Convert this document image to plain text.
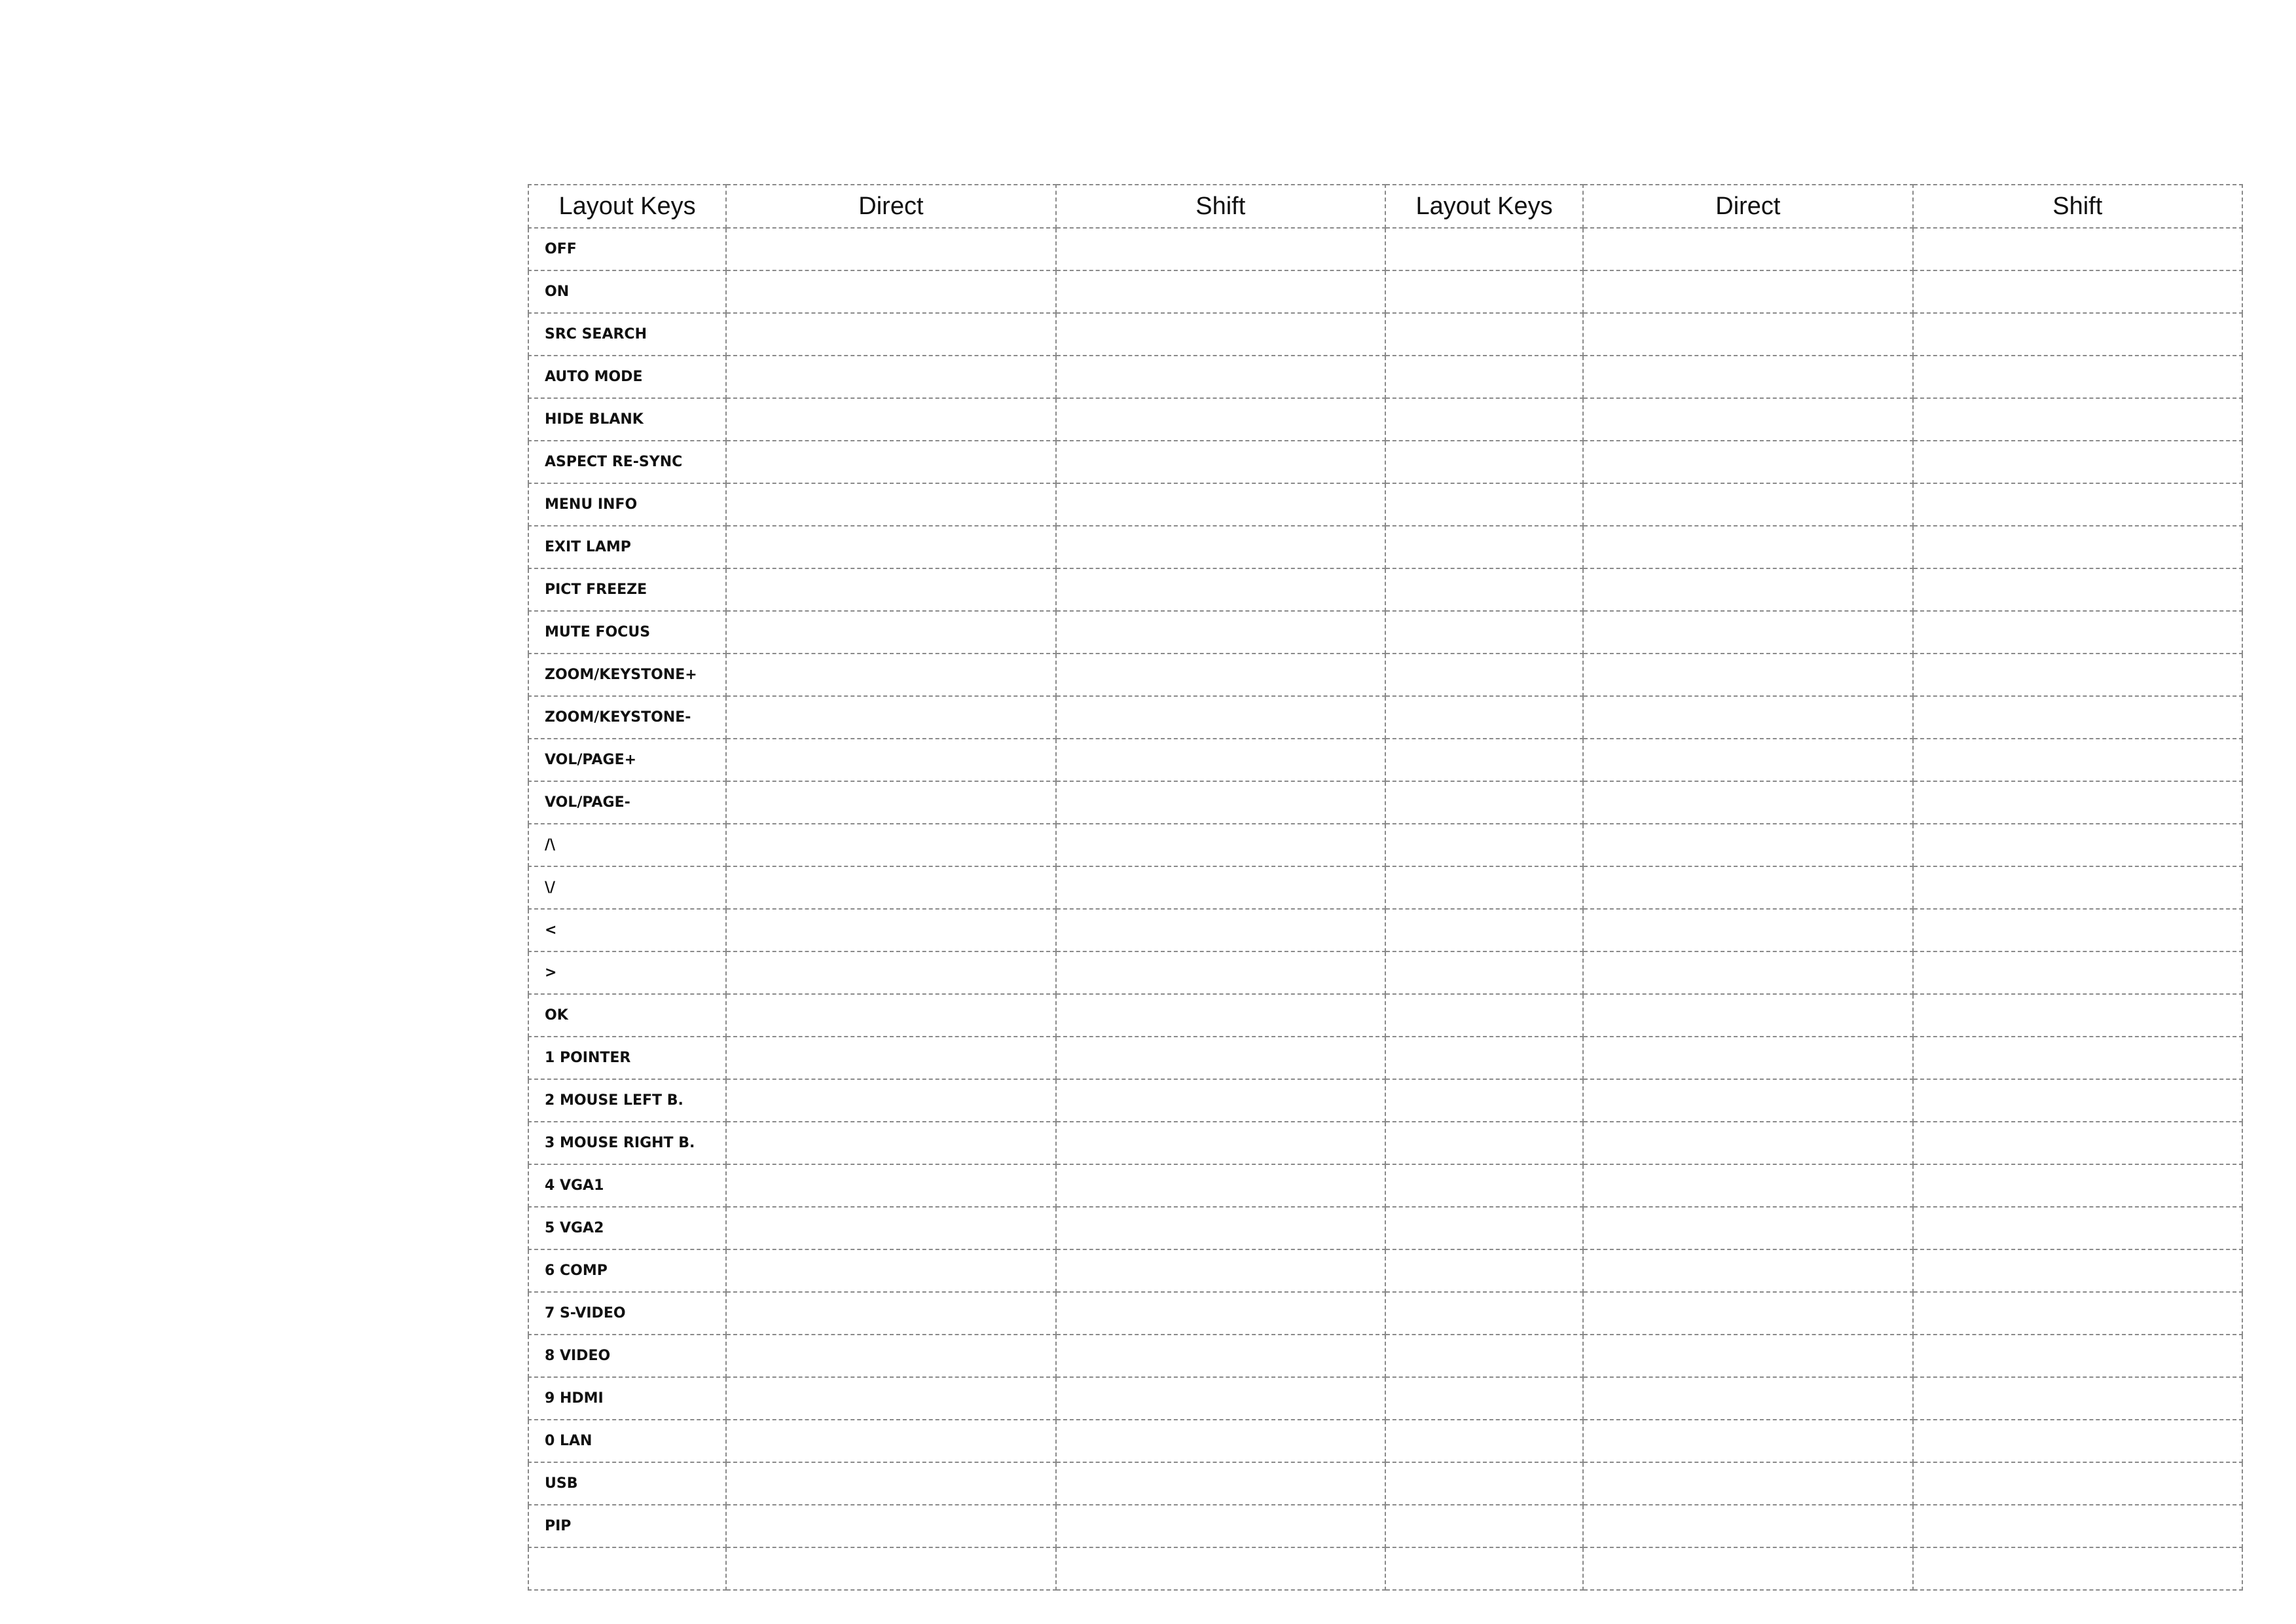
Layout Keys	Direct	Shift	Layout Keys	Direct	Shift
OFF					
ON					
SRC SEARCH					
AUTO MODE					
HIDE BLANK					
ASPECT RE-SYNC					
MENU INFO					
EXIT LAMP					
PICT FREEZE					
MUTE FOCUS					
ZOOM/KEYSTONE+					
ZOOM/KEYSTONE-					
VOL/PAGE+					
VOL/PAGE-					
/\					
\/					
<					
>					
OK					
1 POINTER					
2 MOUSE LEFT B.					
3 MOUSE RIGHT B.					
4 VGA1					
5 VGA2					
6 COMP					
7 S-VIDEO					
8 VIDEO					
9 HDMI					
0 LAN					
USB					
PIP					
